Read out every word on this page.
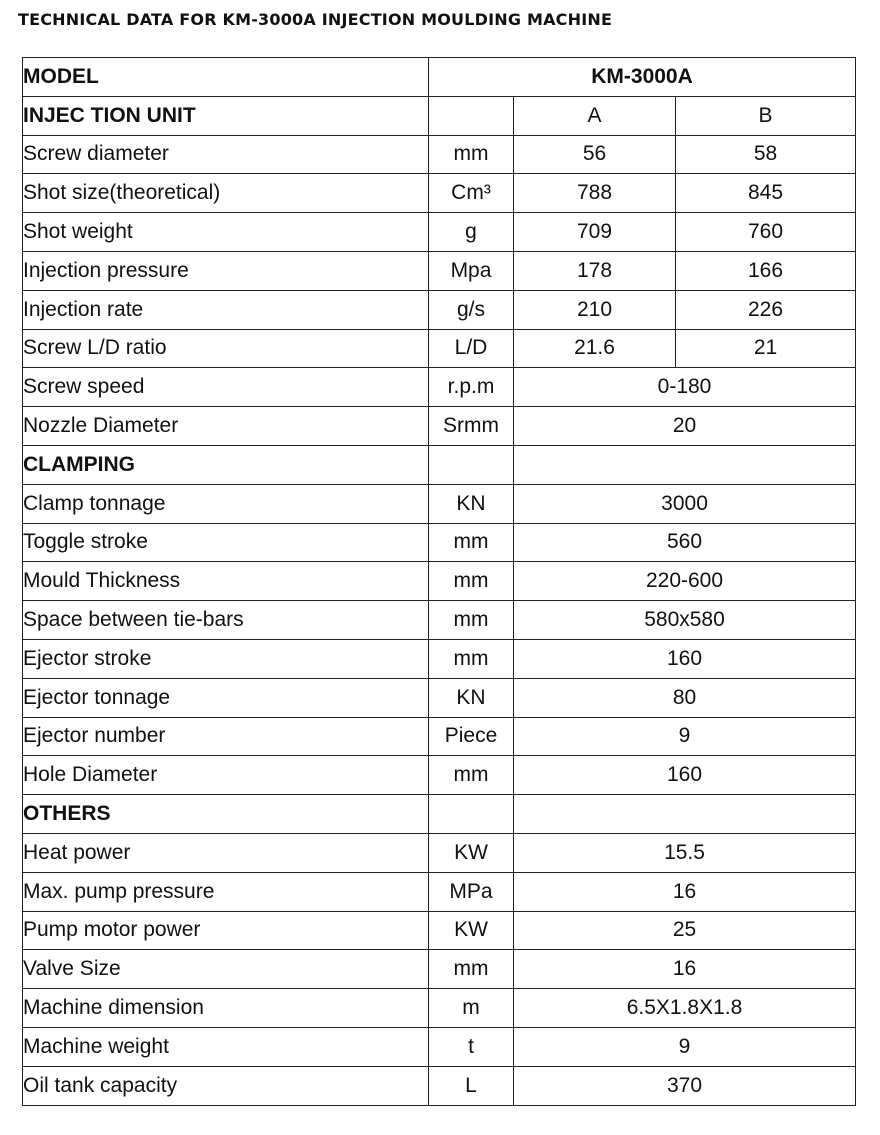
TECHNICAL DATA FOR KM-3000A INJECTION MOULDING MACHINE
MODEL	KM-3000A		
INJEC TION UNIT		A	B
Screw diameter	mm	56	58
Shot size(theoretical)	Cm³	788	845
Shot weight	g	709	760
Injection pressure	Mpa	178	166
Injection rate	g/s	210	226
Screw L/D ratio	L/D	21.6	21
Screw speed	r.p.m	0-180	
Nozzle Diameter	Srmm	20	
CLAMPING			
Clamp tonnage	KN	3000	
Toggle stroke	mm	560	
Mould Thickness	mm	220-600	
Space between tie-bars	mm	580x580	
Ejector stroke	mm	160	
Ejector tonnage	KN	80	
Ejector number	Piece	9	
Hole Diameter	mm	160	
OTHERS			
Heat power	KW	15.5	
Max. pump pressure	MPa	16	
Pump motor power	KW	25	
Valve Size	mm	16	
Machine dimension	m	6.5X1.8X1.8	
Machine weight	t	9	
Oil tank capacity	L	370	
